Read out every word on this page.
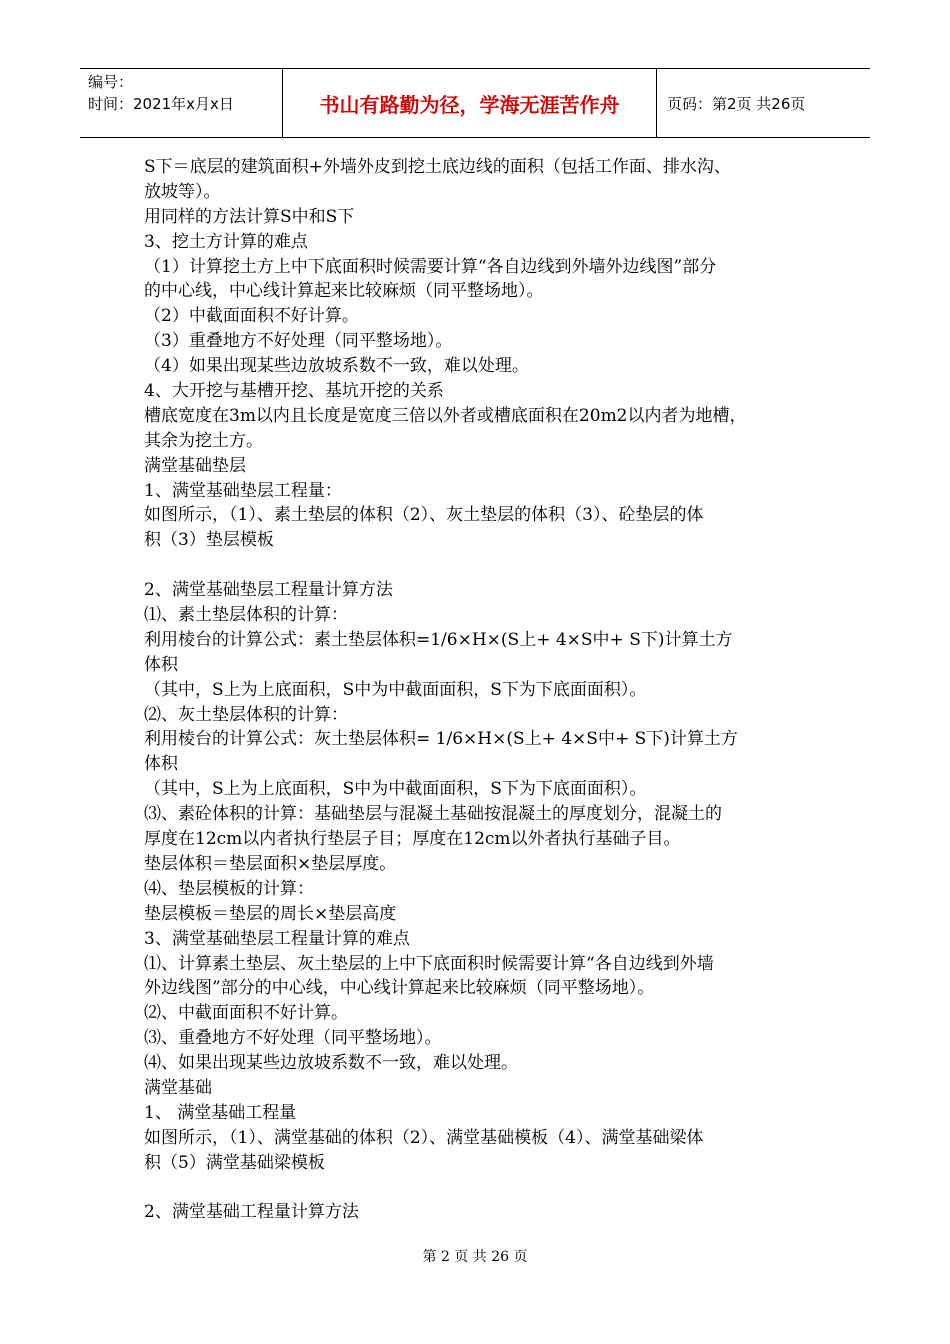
编号：
时间：2021年x月x日	书山有路勤为径，学海无涯苦作舟	页码：第2页 共26页
S下＝底层的建筑面积+外墙外皮到挖土底边线的面积（包括工作面、排水沟、
放坡等）。
用同样的方法计算S中和S下
3、挖土方计算的难点
（1）计算挖土方上中下底面积时候需要计算“各自边线到外墙外边线图”部分
的中心线，中心线计算起来比较麻烦（同平整场地）。
（2）中截面面积不好计算。
（3）重叠地方不好处理（同平整场地）。
（4）如果出现某些边放坡系数不一致，难以处理。
4、大开挖与基槽开挖、基坑开挖的关系
槽底宽度在3m以内且长度是宽度三倍以外者或槽底面积在20m2以内者为地槽，
其余为挖土方。
满堂基础垫层
1、满堂基础垫层工程量：
如图所示，（1）、素土垫层的体积（2）、灰土垫层的体积（3）、砼垫层的体
积（3）垫层模板
2、满堂基础垫层工程量计算方法
⑴、素土垫层体积的计算：
利用棱台的计算公式：素土垫层体积=1/6×H×(S上+ 4×S中+ S下)计算土方
体积
（其中，S上为上底面积，S中为中截面面积，S下为下底面面积）。
⑵、灰土垫层体积的计算：
利用棱台的计算公式：灰土垫层体积= 1/6×H×(S上+ 4×S中+ S下)计算土方
体积
（其中，S上为上底面积，S中为中截面面积，S下为下底面面积）。
⑶、素砼体积的计算：基础垫层与混凝土基础按混凝土的厚度划分，混凝土的
厚度在12cm以内者执行垫层子目；厚度在12cm以外者执行基础子目。
垫层体积＝垫层面积×垫层厚度。
⑷、垫层模板的计算：
垫层模板＝垫层的周长×垫层高度
3、满堂基础垫层工程量计算的难点
⑴、计算素土垫层、灰土垫层的上中下底面积时候需要计算“各自边线到外墙
外边线图”部分的中心线，中心线计算起来比较麻烦（同平整场地）。
⑵、中截面面积不好计算。
⑶、重叠地方不好处理（同平整场地）。
⑷、如果出现某些边放坡系数不一致，难以处理。
满堂基础
1、 满堂基础工程量
如图所示，（1）、满堂基础的体积（2）、满堂基础模板（4）、满堂基础梁体
积（5）满堂基础梁模板
2、满堂基础工程量计算方法
第 2 页 共 26 页
